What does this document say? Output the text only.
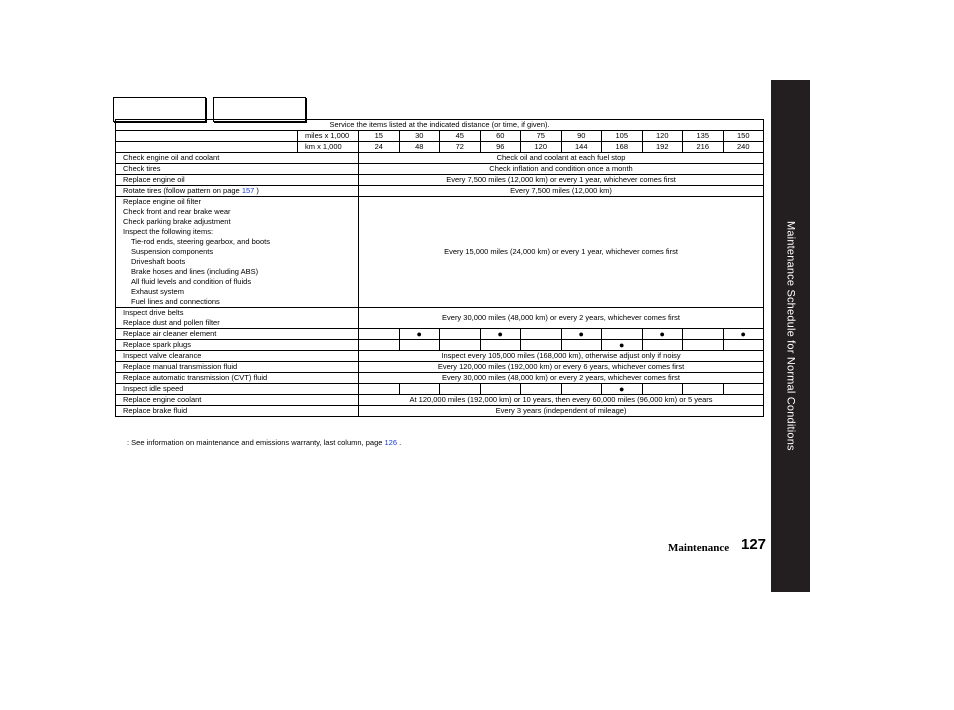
Maintenance Schedule for Normal Conditions
Service the items listed at the indicated distance (or time, if given).											
	miles x 1,000	15	30	45	60	75	90	105	120	135	150
	km x 1,000	24	48	72	96	120	144	168	192	216	240
Check engine oil and coolant		Check oil and coolant at each fuel stop									
Check tires		Check inflation and condition once a month									
Replace engine oil		Every 7,500 miles (12,000 km) or every 1 year, whichever comes first									
Rotate tires (follow pattern on page 157 )		Every 7,500 miles (12,000 km)									
Replace engine oil filter		Every 15,000 miles (24,000 km) or every 1 year, whichever comes first									
Check front and rear brake wear											
Check parking brake adjustment											
Inspect the following items:											
Tie-rod ends, steering gearbox, and boots											
Suspension components											
Driveshaft boots											
Brake hoses and lines (including ABS)											
All fluid levels and condition of fluids											
Exhaust system											
Fuel lines and connections											
Inspect drive belts		Every 30,000 miles (48,000 km) or every 2 years, whichever comes first									
Replace dust and pollen filter											
Replace air cleaner element			●		●		●		●		●
Replace spark plugs								●			
Inspect valve clearance		Inspect every 105,000 miles (168,000 km), otherwise adjust only if noisy									
Replace manual transmission fluid		Every 120,000 miles (192,000 km) or every 6 years, whichever comes first									
Replace automatic transmission (CVT) fluid		Every 30,000 miles (48,000 km) or every 2 years, whichever comes first									
Inspect idle speed								●			
Replace engine coolant		At 120,000 miles (192,000 km) or 10 years, then every 60,000 miles (96,000 km) or 5 years									
Replace brake fluid		Every 3 years (independent of mileage)									
: See information on maintenance and emissions warranty, last column, page 126 .
Maintenance 127
